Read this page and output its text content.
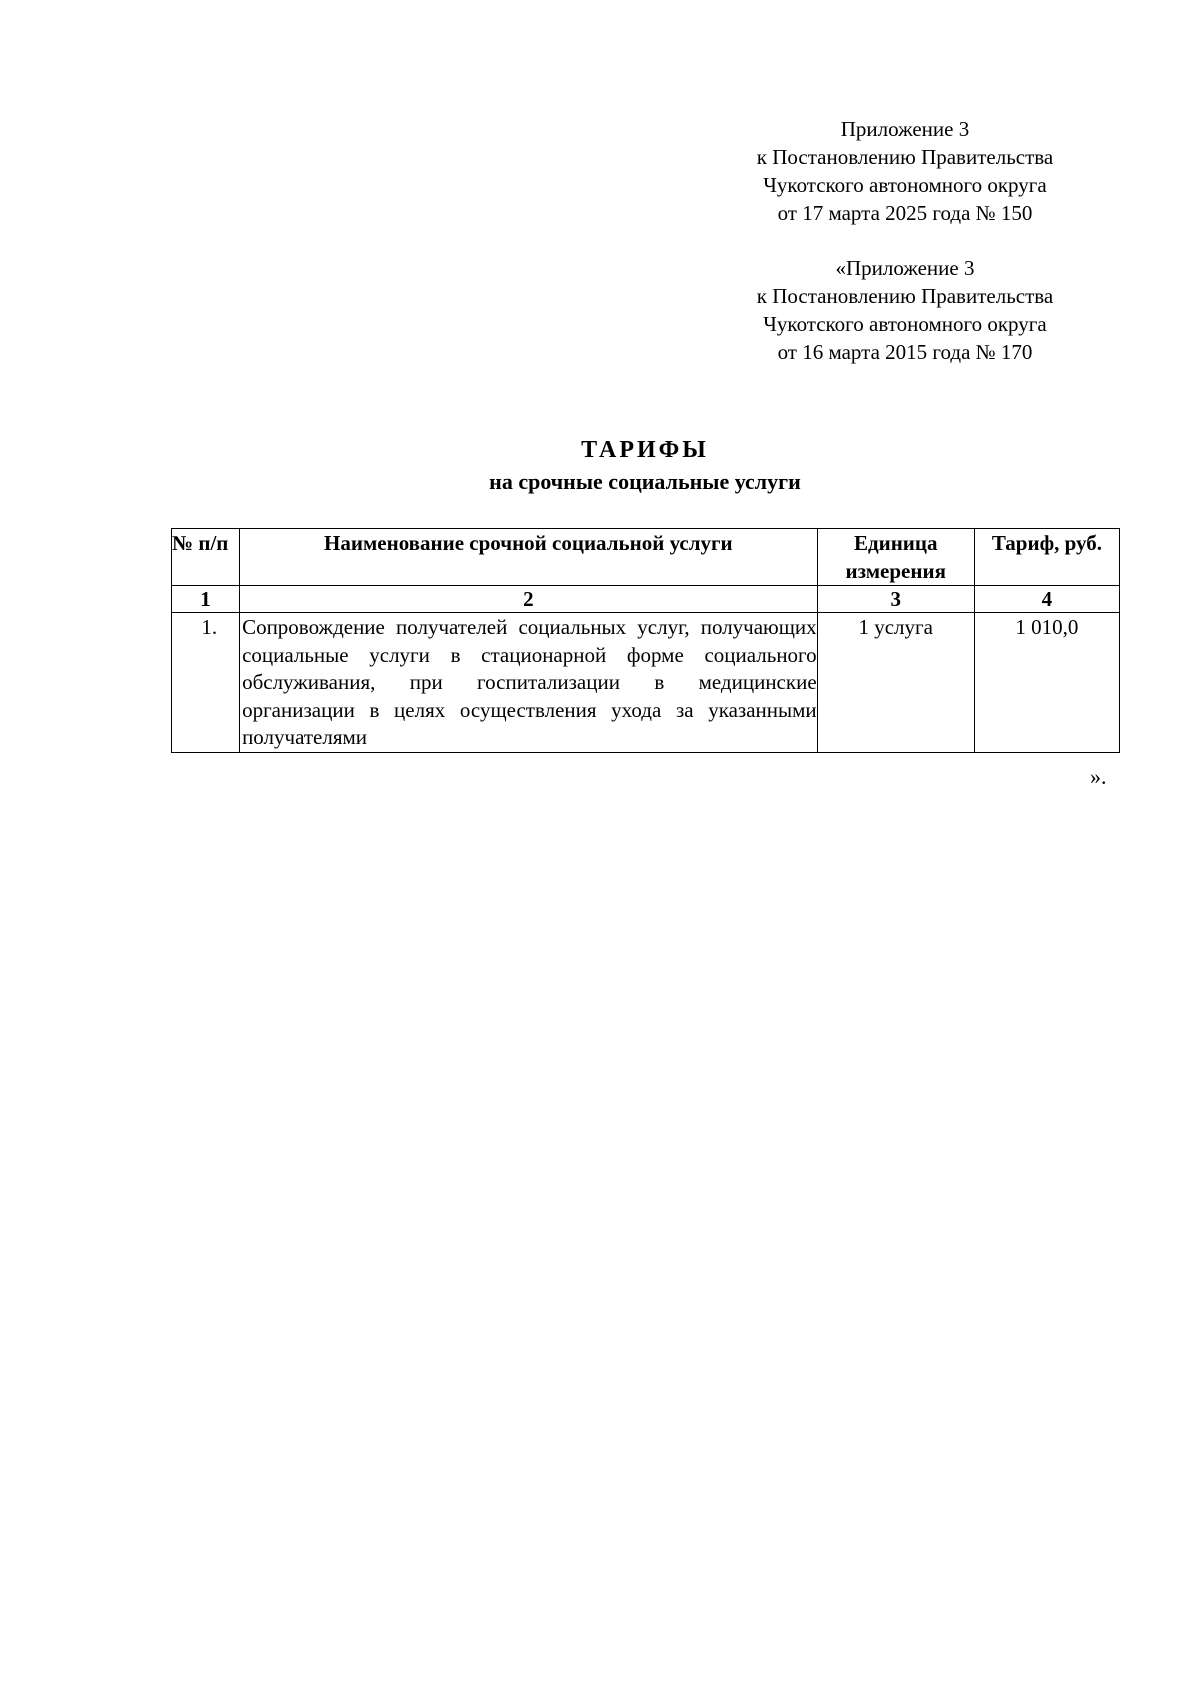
Приложение 3
к Постановлению Правительства
Чукотского автономного округа
от 17 марта 2025 года № 150
«Приложение 3
к Постановлению Правительства
Чукотского автономного округа
от 16 марта 2015 года № 170
ТАРИФЫ
на срочные социальные услуги
№ п/п	Наименование срочной социальной услуги	Единица измерения	Тариф, руб.
1	2	3	4
1.	Сопровождение получателей социальных услуг, получающих социальные услуги в стационарной форме социального обслуживания, при госпитализации в медицинские организации в целях осуществления ухода за указанными получателями	1 услуга	1 010,0
».
